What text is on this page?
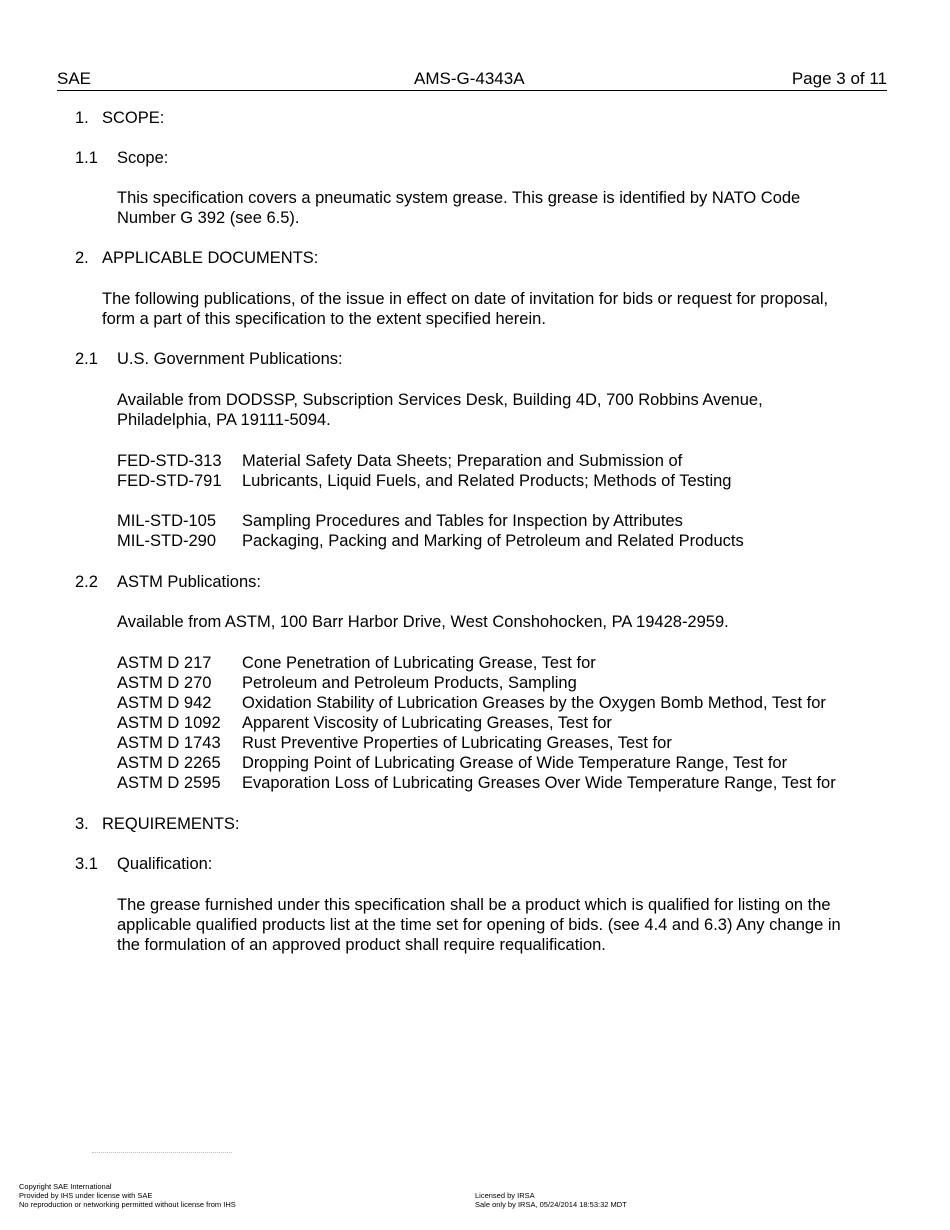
SAE	AMS-G-4343A	Page 3 of 11
1. SCOPE:
1.1 Scope:
This specification covers a pneumatic system grease. This grease is identified by NATO Code
Number G 392 (see 6.5).
2. APPLICABLE DOCUMENTS:
The following publications, of the issue in effect on date of invitation for bids or request for proposal,
form a part of this specification to the extent specified herein.
2.1 U.S. Government Publications:
Available from DODSSP, Subscription Services Desk, Building 4D, 700 Robbins Avenue,
Philadelphia, PA 19111-5094.
FED-STD-313 Material Safety Data Sheets; Preparation and Submission of
FED-STD-791 Lubricants, Liquid Fuels, and Related Products; Methods of Testing
MIL-STD-105 Sampling Procedures and Tables for Inspection by Attributes
MIL-STD-290 Packaging, Packing and Marking of Petroleum and Related Products
2.2 ASTM Publications:
Available from ASTM, 100 Barr Harbor Drive, West Conshohocken, PA 19428-2959.
ASTM D 217 Cone Penetration of Lubricating Grease, Test for
ASTM D 270 Petroleum and Petroleum Products, Sampling
ASTM D 942 Oxidation Stability of Lubrication Greases by the Oxygen Bomb Method, Test for
ASTM D 1092 Apparent Viscosity of Lubricating Greases, Test for
ASTM D 1743 Rust Preventive Properties of Lubricating Greases, Test for
ASTM D 2265 Dropping Point of Lubricating Grease of Wide Temperature Range, Test for
ASTM D 2595 Evaporation Loss of Lubricating Greases Over Wide Temperature Range, Test for
3. REQUIREMENTS:
3.1 Qualification:
The grease furnished under this specification shall be a product which is qualified for listing on the
applicable qualified products list at the time set for opening of bids. (see 4.4 and 6.3) Any change in
the formulation of an approved product shall require requalification.
Copyright SAE International
Provided by IHS under license with SAE
No reproduction or networking permitted without license from IHS
Licensed by IRSA
Sale only by IRSA, 05/24/2014 18:53:32 MDT
